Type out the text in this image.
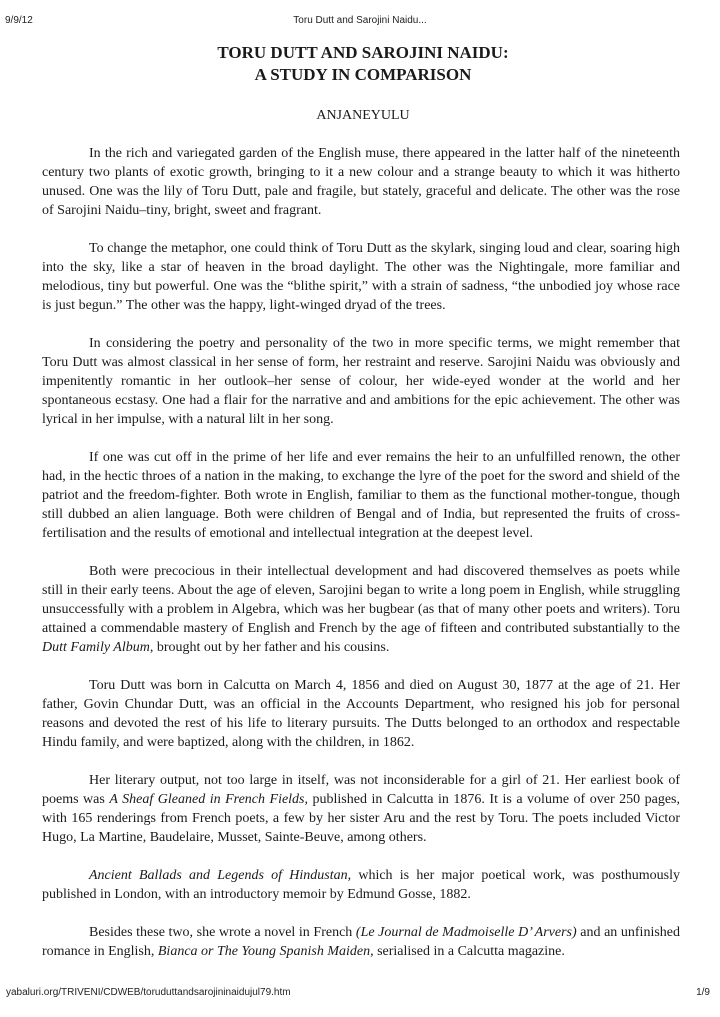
9/9/12	Toru Dutt and Sarojini Naidu...
TORU DUTT AND SAROJINI NAIDU:
A STUDY IN COMPARISON

ANJANEYULU

In the rich and variegated garden of the English muse, there appeared in the latter half of the nineteenth century two plants of exotic growth, bringing to it a new colour and a strange beauty to which it was hitherto unused. One was the lily of Toru Dutt, pale and fragile, but stately, graceful and delicate. The other was the rose of Sarojini Naidu–tiny, bright, sweet and fragrant.

To change the metaphor, one could think of Toru Dutt as the skylark, singing loud and clear, soaring high into the sky, like a star of heaven in the broad daylight. The other was the Nightingale, more familiar and melodious, tiny but powerful. One was the “blithe spirit,” with a strain of sadness, “the unbodied joy whose race is just begun.” The other was the happy, light-winged dryad of the trees.

In considering the poetry and personality of the two in more specific terms, we might remember that Toru Dutt was almost classical in her sense of form, her restraint and reserve. Sarojini Naidu was obviously and impenitently romantic in her outlook–her sense of colour, her wide-eyed wonder at the world and her spontaneous ecstasy. One had a flair for the narrative and and ambitions for the epic achievement. The other was lyrical in her impulse, with a natural lilt in her song.

If one was cut off in the prime of her life and ever remains the heir to an unfulfilled renown, the other had, in the hectic throes of a nation in the making, to exchange the lyre of the poet for the sword and shield of the patriot and the freedom-fighter. Both wrote in English, familiar to them as the functional mother-tongue, though still dubbed an alien language. Both were children of Bengal and of India, but represented the fruits of cross-fertilisation and the results of emotional and intellectual integration at the deepest level.

Both were precocious in their intellectual development and had discovered themselves as poets while still in their early teens. About the age of eleven, Sarojini began to write a long poem in English, while struggling unsuccessfully with a problem in Algebra, which was her bugbear (as that of many other poets and writers). Toru attained a commendable mastery of English and French by the age of fifteen and contributed substantially to the Dutt Family Album, brought out by her father and his cousins.

Toru Dutt was born in Calcutta on March 4, 1856 and died on August 30, 1877 at the age of 21. Her father, Govin Chundar Dutt, was an official in the Accounts Department, who resigned his job for personal reasons and devoted the rest of his life to literary pursuits. The Dutts belonged to an orthodox and respectable Hindu family, and were baptized, along with the children, in 1862.

Her literary output, not too large in itself, was not inconsiderable for a girl of 21. Her earliest book of poems was A Sheaf Gleaned in French Fields, published in Calcutta in 1876. It is a volume of over 250 pages, with 165 renderings from French poets, a few by her sister Aru and the rest by Toru. The poets included Victor Hugo, La Martine, Baudelaire, Musset, Sainte-Beuve, among others.

Ancient Ballads and Legends of Hindustan, which is her major poetical work, was posthumously published in London, with an introductory memoir by Edmund Gosse, 1882.

Besides these two, she wrote a novel in French (Le Journal de Madmoiselle D’ Arvers) and an unfinished romance in English, Bianca or The Young Spanish Maiden, serialised in a Calcutta magazine.

yabaluri.org/TRIVENI/CDWEB/toruduttandsarojininaidujul79.htm	1/9
